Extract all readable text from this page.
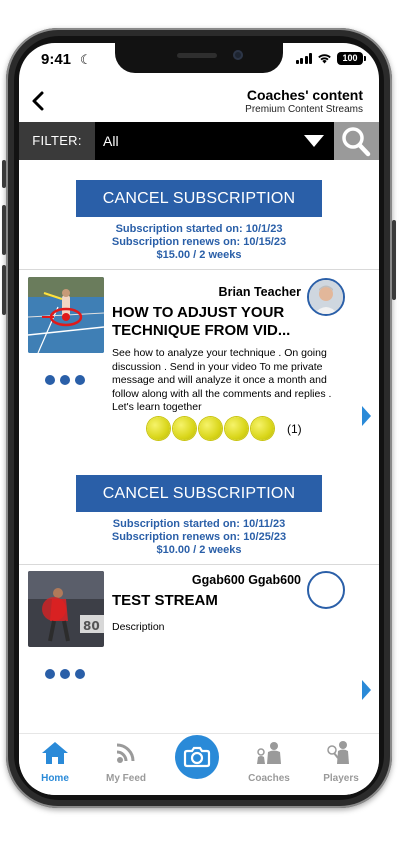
9:41 ☾	100
Coaches' content
Premium Content Streams
FILTER:	All
CANCEL SUBSCRIPTION
Subscription started on: 10/1/23
Subscription renews on: 10/15/23
$15.00 / 2 weeks
Brian Teacher
HOW TO ADJUST YOUR TECHNIQUE FROM VID...
See how to analyze your technique . On going discussion . Send in your video To me private message and will analyze it once a month and follow along with all the comments and replies . Let's learn together
(1)
CANCEL SUBSCRIPTION
Subscription started on: 10/11/23
Subscription renews on: 10/25/23
$10.00 / 2 weeks
80
Ggab600 Ggab600
TEST STREAM
Description
Home	My Feed	Coaches	Players
